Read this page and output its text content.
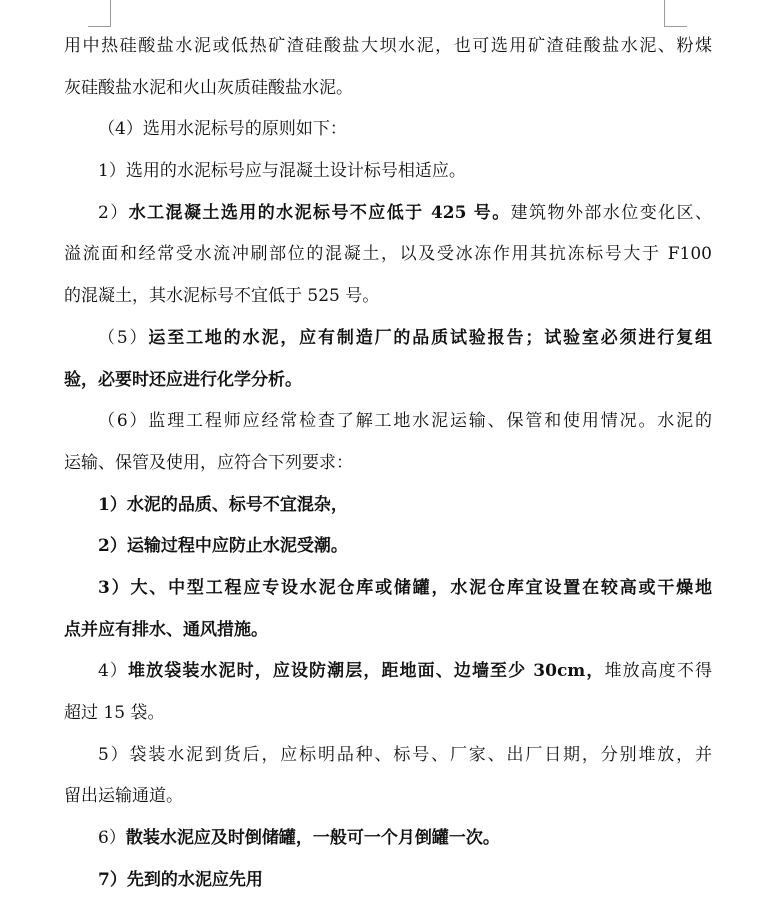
用中热硅酸盐水泥或低热矿渣硅酸盐大坝水泥，也可选用矿渣硅酸盐水泥、粉煤
灰硅酸盐水泥和火山灰质硅酸盐水泥。
（4）选用水泥标号的原则如下：
1）选用的水泥标号应与混凝土设计标号相适应。
2）水工混凝土选用的水泥标号不应低于 425 号。建筑物外部水位变化区、
溢流面和经常受水流冲刷部位的混凝土，以及受冰冻作用其抗冻标号大于 F100
的混凝土，其水泥标号不宜低于 525 号。
（5）运至工地的水泥，应有制造厂的品质试验报告；试验室必须进行复组
验，必要时还应进行化学分析。
（6）监理工程师应经常检查了解工地水泥运输、保管和使用情况。水泥的
运输、保管及使用，应符合下列要求：
1）水泥的品质、标号不宜混杂，
2）运输过程中应防止水泥受潮。
3）大、中型工程应专设水泥仓库或储罐，水泥仓库宜设置在较高或干燥地
点并应有排水、通风措施。
4）堆放袋装水泥时，应设防潮层，距地面、边墙至少 30cm，堆放高度不得
超过 15 袋。
5）袋装水泥到货后，应标明品种、标号、厂家、出厂日期，分别堆放，并
留出运输通道。
6）散装水泥应及时倒储罐，一般可一个月倒罐一次。
7）先到的水泥应先用
